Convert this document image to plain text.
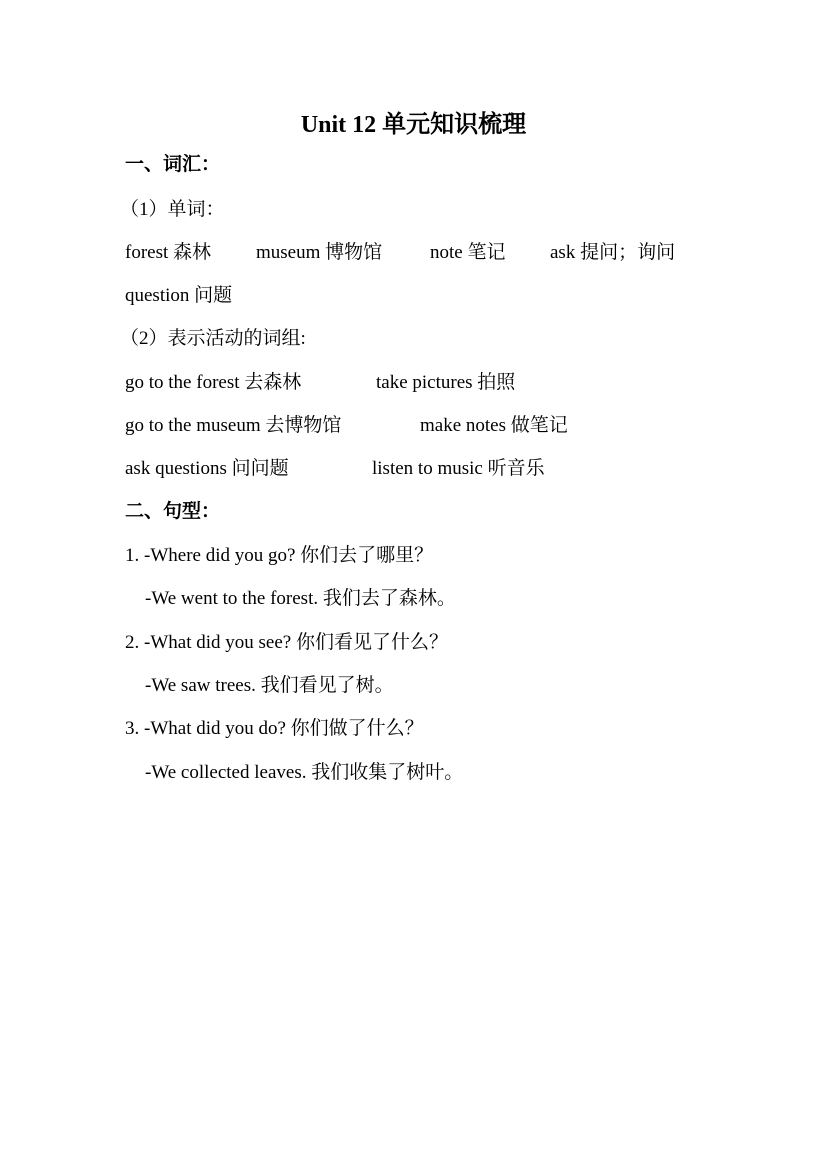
Unit 12 单元知识梳理
一、词汇：
（1）单词：
forest 森林 museum 博物馆	note 笔记 ask 提问；询问
question 问题
（2）表示活动的词组:
go to the forest 去森林	take pictures 拍照
go to the museum 去博物馆	make notes 做笔记
ask questions 问问题	listen to music 听音乐
二、句型：
1. -Where did you go? 你们去了哪里？
-We went to the forest. 我们去了森林。
2. -What did you see? 你们看见了什么？
-We saw trees. 我们看见了树。
3. -What did you do? 你们做了什么？
-We collected leaves. 我们收集了树叶。
